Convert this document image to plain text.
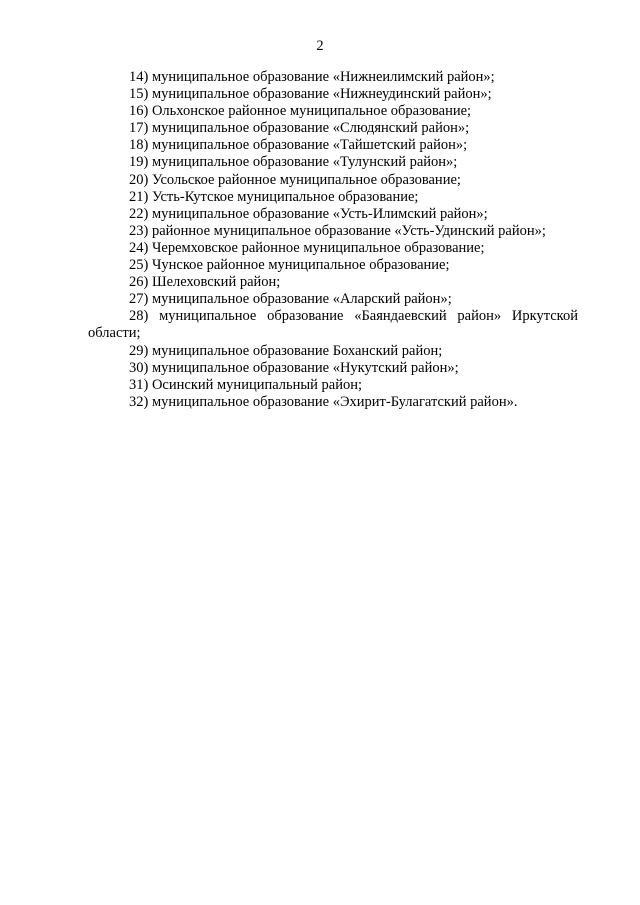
2
14) муниципальное образование «Нижнеилимский район»;
15) муниципальное образование «Нижнеудинский район»;
16) Ольхонское районное муниципальное образование;
17) муниципальное образование «Слюдянский район»;
18) муниципальное образование «Тайшетский район»;
19) муниципальное образование «Тулунский район»;
20) Усольское районное муниципальное образование;
21) Усть-Кутское муниципальное образование;
22) муниципальное образование «Усть-Илимский район»;
23) районное муниципальное образование «Усть-Удинский район»;
24) Черемховское районное муниципальное образование;
25) Чунское районное муниципальное образование;
26) Шелеховский район;
27) муниципальное образование «Аларский район»;
28) муниципальное образование «Баяндаевский район» Иркутской области;
29) муниципальное образование Боханский район;
30) муниципальное образование «Нукутский район»;
31) Осинский муниципальный район;
32) муниципальное образование «Эхирит-Булагатский район».
